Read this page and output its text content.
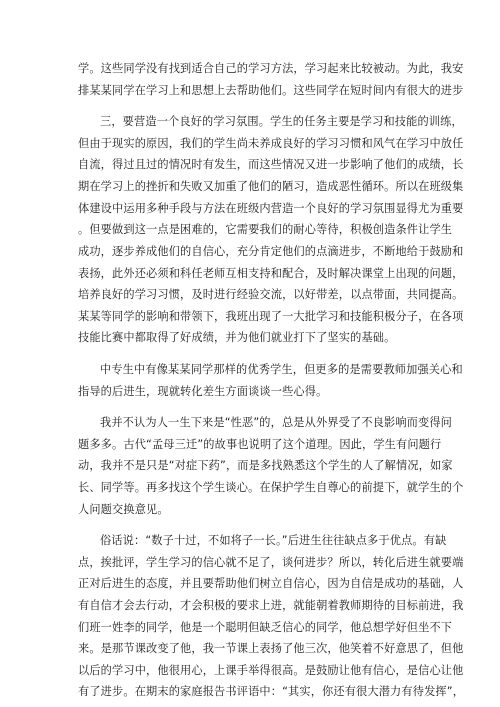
学。这些同学没有找到适合自己的学习方法，学习起来比较被动。为此，我安
排某某同学在学习上和思想上去帮助他们。这些同学在短时间内有很大的进步
三，要营造一个良好的学习氛围。学生的任务主要是学习和技能的训练，
但由于现实的原因，我们的学生尚未养成良好的学习习惯和风气在学习中放任
自流，得过且过的情况时有发生，而这些情况又进一步影响了他们的成绩，长
期在学习上的挫折和失败又加重了他们的陋习，造成恶性循环。所以在班级集
体建设中运用多种手段与方法在班级内营造一个良好的学习氛围显得尤为重要
。但要做到这一点是困难的，它需要我们的耐心等待，积极创造条件让学生
成功，逐步养成他们的自信心，充分肯定他们的点滴进步，不断地给于鼓励和
表扬，此外还必须和科任老师互相支持和配合，及时解决课堂上出现的问题，
培养良好的学习习惯，及时进行经验交流，以好带差，以点带面，共同提高。
某某等同学的影响和带领下，我班出现了一大批学习和技能积极分子，在各项
技能比赛中都取得了好成绩，并为他们就业打下了坚实的基础。
中专生中有像某某同学那样的优秀学生，但更多的是需要教师加强关心和
指导的后进生，现就转化差生方面谈谈一些心得。
我并不认为人一生下来是“性恶”的，总是从外界受了不良影响而变得问
题多多。古代“孟母三迁”的故事也说明了这个道理。因此，学生有问题行
动，我并不是只是“对症下药”，而是多找熟悉这个学生的人了解情况，如家
长、同学等。再多找这个学生谈心。在保护学生自尊心的前提下，就学生的个
人问题交换意见。
俗话说：“数子十过，不如将子一长。”后进生往往缺点多于优点。有缺
点，挨批评，学生学习的信心就不足了，谈何进步？所以，转化后进生就要端
正对后进生的态度，并且要帮助他们树立自信心，因为自信是成功的基础，人
有自信才会去行动，才会积极的要求上进，就能朝着教师期待的目标前进，我
们班一姓李的同学，他是一个聪明但缺乏信心的同学，他总想学好但坐不下
来。是那节课改变了他，我一节课上表扬了他三次，他笑着不好意思了，但他
以后的学习中，他很用心，上课手举得很高。是鼓励让他有信心，是信心让他
有了进步。在期末的家庭报告书评语中：“其实，你还有很大潜力有待发挥”，
